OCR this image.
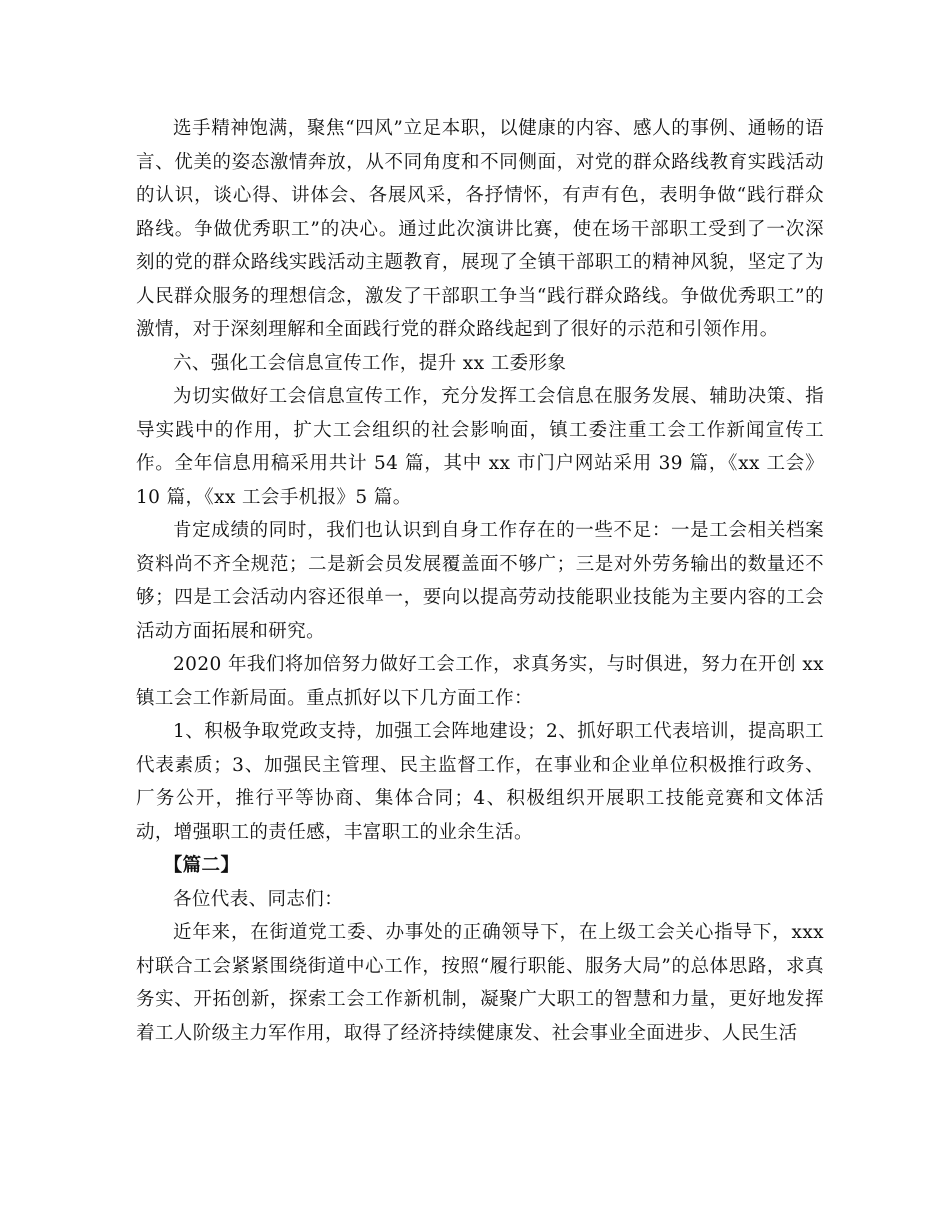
选手精神饱满，聚焦“四风”立足本职，以健康的内容、感人的事例、通畅的语言、优美的姿态激情奔放，从不同角度和不同侧面，对党的群众路线教育实践活动的认识，谈心得、讲体会、各展风采，各抒情怀，有声有色，表明争做“践行群众路线。争做优秀职工”的决心。通过此次演讲比赛，使在场干部职工受到了一次深刻的党的群众路线实践活动主题教育，展现了全镇干部职工的精神风貌，坚定了为人民群众服务的理想信念，激发了干部职工争当“践行群众路线。争做优秀职工”的激情，对于深刻理解和全面践行党的群众路线起到了很好的示范和引领作用。

六、强化工会信息宣传工作，提升 xx 工委形象

为切实做好工会信息宣传工作，充分发挥工会信息在服务发展、辅助决策、指导实践中的作用，扩大工会组织的社会影响面，镇工委注重工会工作新闻宣传工作。全年信息用稿采用共计 54 篇，其中 xx 市门户网站采用 39 篇，《xx 工会》10 篇，《xx 工会手机报》5 篇。

肯定成绩的同时，我们也认识到自身工作存在的一些不足：一是工会相关档案资料尚不齐全规范；二是新会员发展覆盖面不够广；三是对外劳务输出的数量还不够；四是工会活动内容还很单一，要向以提高劳动技能职业技能为主要内容的工会活动方面拓展和研究。

2020 年我们将加倍努力做好工会工作，求真务实，与时俱进，努力在开创 xx 镇工会工作新局面。重点抓好以下几方面工作：

1、积极争取党政支持，加强工会阵地建设；2、抓好职工代表培训，提高职工代表素质；3、加强民主管理、民主监督工作，在事业和企业单位积极推行政务、厂务公开，推行平等协商、集体合同；4、积极组织开展职工技能竞赛和文体活动，增强职工的责任感，丰富职工的业余生活。

【篇二】

各位代表、同志们：

近年来，在街道党工委、办事处的正确领导下，在上级工会关心指导下，xxx 村联合工会紧紧围绕街道中心工作，按照“履行职能、服务大局”的总体思路，求真务实、开拓创新，探索工会工作新机制，凝聚广大职工的智慧和力量，更好地发挥着工人阶级主力军作用，取得了经济持续健康发、社会事业全面进步、人民生活
